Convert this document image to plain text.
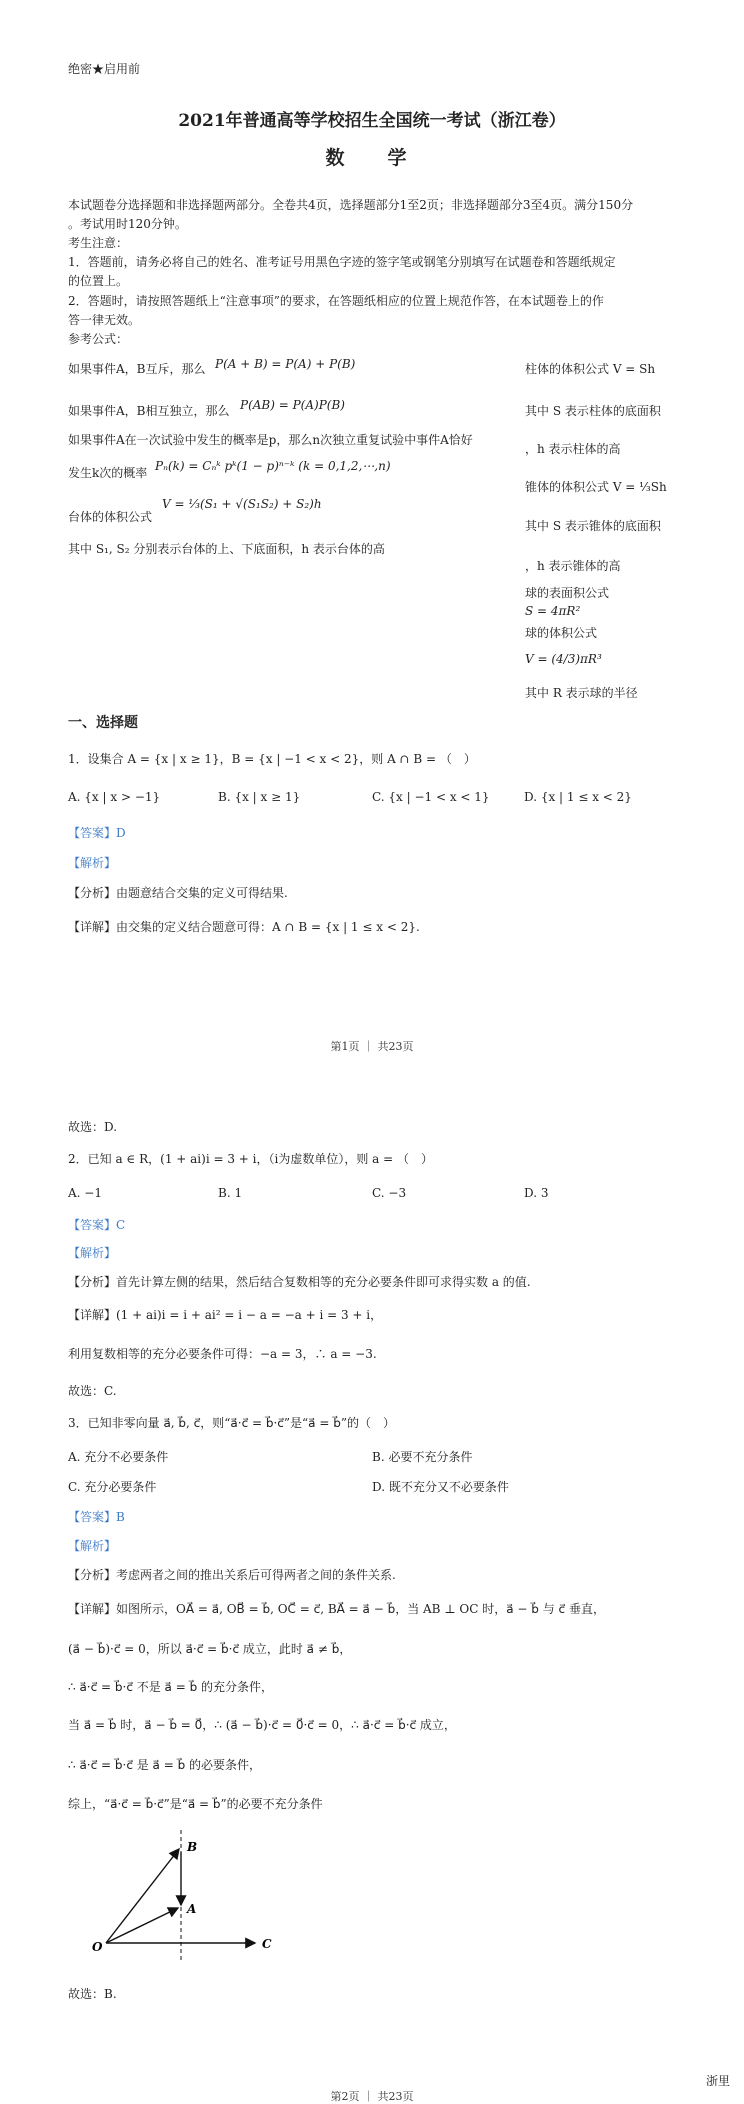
绝密★启用前
2021年普通高等学校招生全国统一考试（浙江卷）
数　学
本试题卷分选择题和非选择题两部分。全卷共4页，选择题部分1至2页；非选择题部分3至4页。满分150分
。考试用时120分钟。
考生注意：
1．答题前，请务必将自己的姓名、准考证号用黑色字迹的签字笔或钢笔分别填写在试题卷和答题纸规定
的位置上。
2．答题时，请按照答题纸上“注意事项”的要求，在答题纸相应的位置上规范作答，在本试题卷上的作
答一律无效。
参考公式：
如果事件A，B互斥，那么 P(A + B) = P(A) + P(B)
如果事件A，B相互独立，那么 P(AB) = P(A)P(B)
如果事件A在一次试验中发生的概率是p，那么n次独立重复试验中事件A恰好
发生k次的概率 Pₙ(k) = Cₙᵏ pᵏ(1 − p)ⁿ⁻ᵏ (k = 0,1,2,⋯,n)
台体的体积公式
V = ⅓(S₁ + √(S₁S₂) + S₂)h
其中 S₁, S₂ 分别表示台体的上、下底面积，h 表示台体的高
柱体的体积公式 V = Sh
其中 S 表示柱体的底面积
，h 表示柱体的高
锥体的体积公式 V = ⅓Sh
其中 S 表示锥体的底面积
，h 表示锥体的高
球的表面积公式
S = 4πR²
球的体积公式
V = (4/3)πR³
其中 R 表示球的半径
一、选择题
1．设集合 A = {x | x ≥ 1}，B = {x | −1 < x < 2}，则 A ∩ B = （　）
A. {x | x > −1}	B. {x | x ≥ 1}	C. {x | −1 < x < 1}	D. {x | 1 ≤ x < 2}
【答案】D
【解析】
【分析】由题意结合交集的定义可得结果.
【详解】由交集的定义结合题意可得：A ∩ B = {x | 1 ≤ x < 2}.
第1页 ｜ 共23页
故选：D.
2．已知 a ∈ R，(1 + ai)i = 3 + i，（i为虚数单位），则 a = （　）
A. −1	B. 1	C. −3	D. 3
【答案】C
【解析】
【分析】首先计算左侧的结果，然后结合复数相等的充分必要条件即可求得实数 a 的值.
【详解】(1 + ai)i = i + ai² = i − a = −a + i = 3 + i，
利用复数相等的充分必要条件可得：−a = 3，∴ a = −3.
故选：C.
3．已知非零向量 a⃗, b⃗, c⃗，则“a⃗·c⃗ = b⃗·c⃗”是“a⃗ = b⃗”的（　）
A. 充分不必要条件	B. 必要不充分条件
C. 充分必要条件	D. 既不充分又不必要条件
【答案】B
【解析】
【分析】考虑两者之间的推出关系后可得两者之间的条件关系.
【详解】如图所示，OA⃗ = a⃗, OB⃗ = b⃗, OC⃗ = c⃗, BA⃗ = a⃗ − b⃗，当 AB ⊥ OC 时，a⃗ − b⃗ 与 c⃗ 垂直，
(a⃗ − b⃗)·c⃗ = 0，所以 a⃗·c⃗ = b⃗·c⃗ 成立，此时 a⃗ ≠ b⃗，
∴ a⃗·c⃗ = b⃗·c⃗ 不是 a⃗ = b⃗ 的充分条件，
当 a⃗ = b⃗ 时，a⃗ − b⃗ = 0⃗，∴ (a⃗ − b⃗)·c⃗ = 0⃗·c⃗ = 0，∴ a⃗·c⃗ = b⃗·c⃗ 成立，
∴ a⃗·c⃗ = b⃗·c⃗ 是 a⃗ = b⃗ 的必要条件，
综上，“a⃗·c⃗ = b⃗·c⃗”是“a⃗ = b⃗”的必要不充分条件
O
A
B
C
故选：B.
浙里
第2页 ｜ 共23页
